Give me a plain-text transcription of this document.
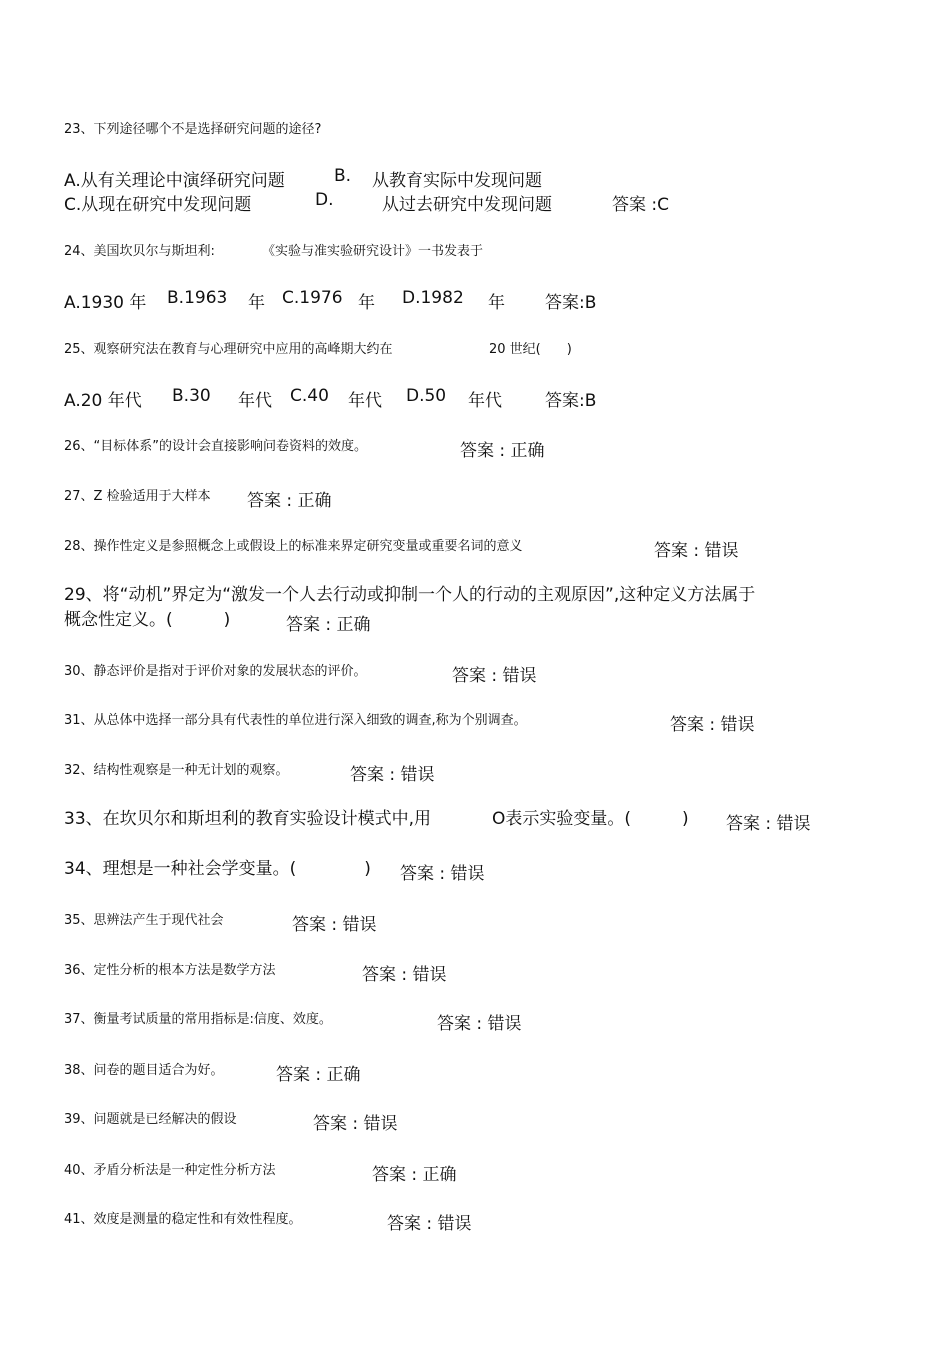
23、下列途径哪个不是选择研究问题的途径?
A.从有关理论中演绎研究问题	B. 从教育实际中发现问题
C.从现在研究中发现问题	D.	从过去研究中发现问题	答案 :C
24、美国坎贝尔与斯坦利:	《实验与准实验研究设计》一书发表于
A.1930 年 B.1963 年 C.1976 年 D.1982 年 答案:B
25、观察研究法在教育与心理研究中应用的高峰期大约在	20 世纪(　　)
A.20 年代 B.30 年代 C.40 年代 D.50 年代	答案:B
26、“目标体系”的设计会直接影响问卷资料的效度。	答案 : 正确
27、Z 检验适用于大样本 答案 : 正确
28、操作性定义是参照概念上或假设上的标准来界定研究变量或重要名词的意义	答案 : 错误
29、将“动机”界定为“激发一个人去行动或抑制一个人的行动的主观原因”,这种定义方法属于
概念性定义。(　　　)	答案 : 正确
30、静态评价是指对于评价对象的发展状态的评价。	答案 : 错误
31、从总体中选择一部分具有代表性的单位进行深入细致的调查,称为个别调查。	答案 : 错误
32、结构性观察是一种无计划的观察。	答案 : 错误
33、在坎贝尔和斯坦利的教育实验设计模式中,用	O表示实验变量。(　　　) 答案 : 错误
34、理想是一种社会学变量。(　　　　) 答案 : 错误
35、思辨法产生于现代社会	答案 : 错误
36、定性分析的根本方法是数学方法	答案 : 错误
37、衡量考试质量的常用指标是:信度、效度。	答案 : 错误
38、问卷的题目适合为好。	答案 : 正确
39、问题就是已经解决的假设	答案 : 错误
40、矛盾分析法是一种定性分析方法	答案 : 正确
41、效度是测量的稳定性和有效性程度。	答案 : 错误
